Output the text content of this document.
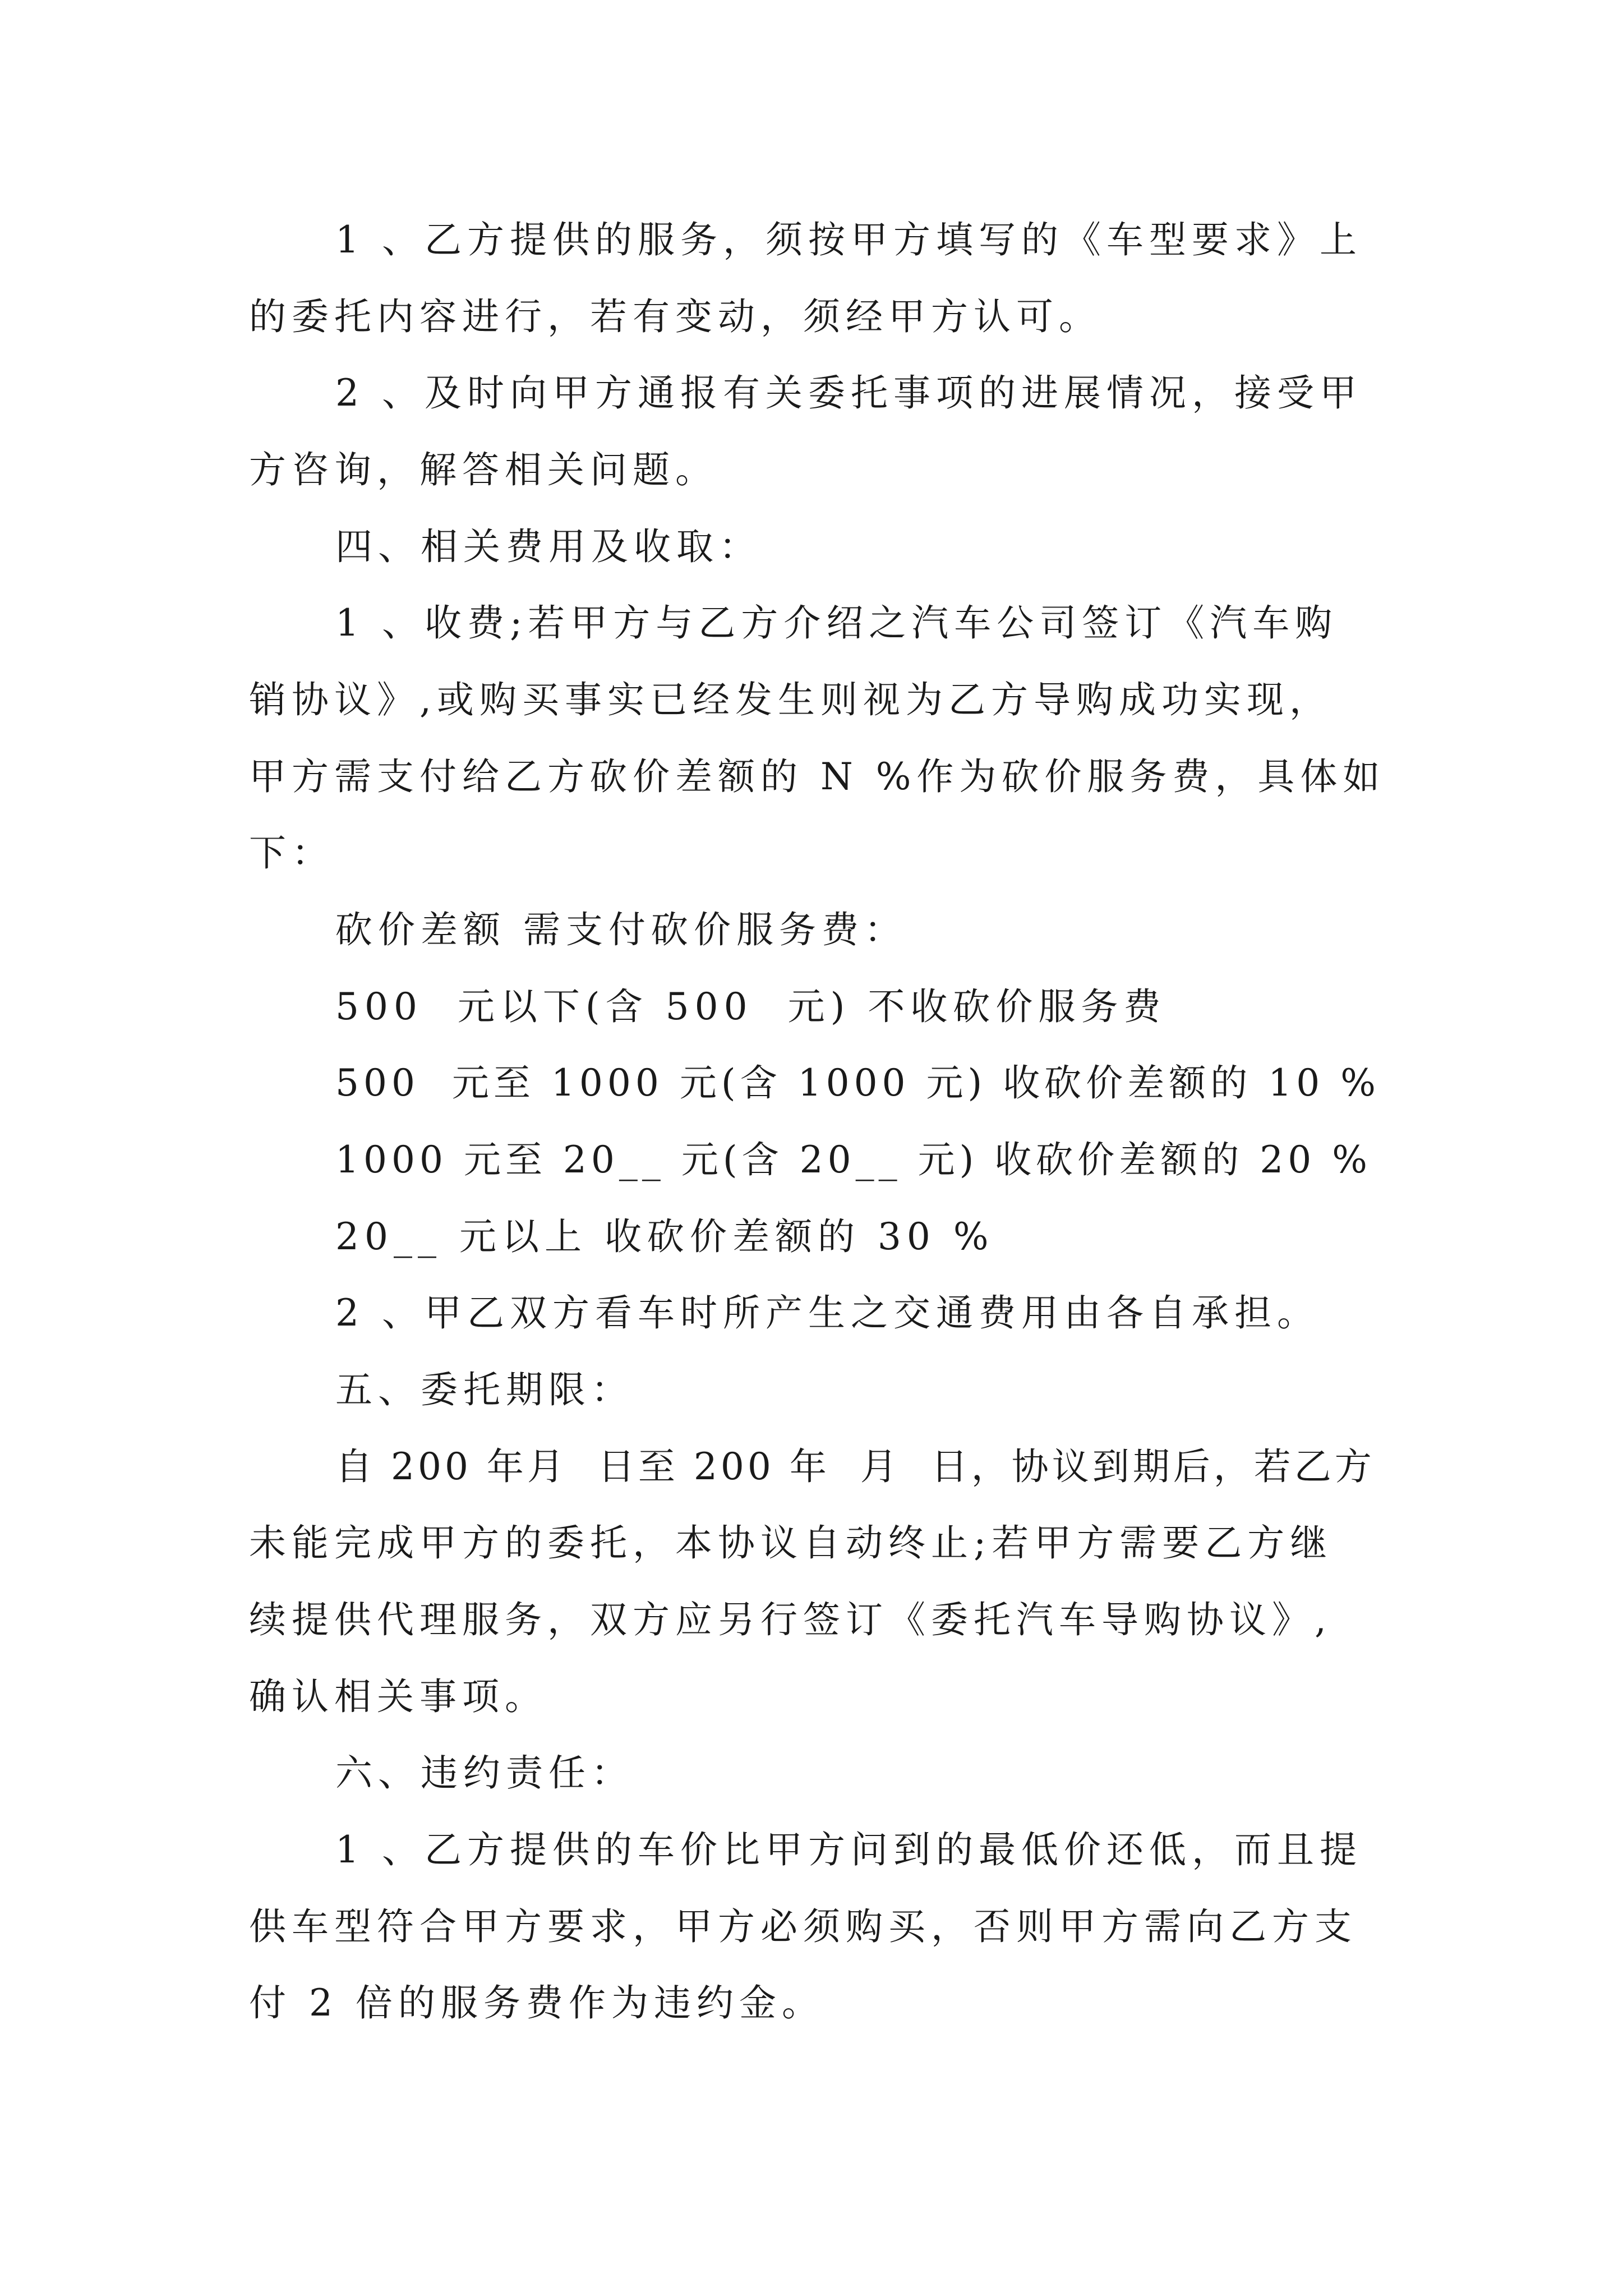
1 、乙方提供的服务，须按甲方填写的《车型要求》上
的委托内容进行，若有变动，须经甲方认可。
2 、及时向甲方通报有关委托事项的进展情况，接受甲
方咨询，解答相关问题。
四、相关费用及收取：
1 、收费;若甲方与乙方介绍之汽车公司签订《汽车购
销协议》,或购买事实已经发生则视为乙方导购成功实现，
甲方需支付给乙方砍价差额的 N %作为砍价服务费，具体如
下：
砍价差额 需支付砍价服务费：
500  元以下(含 500  元) 不收砍价服务费
500  元至 1000 元(含 1000 元) 收砍价差额的 10 %
1000 元至 20__ 元(含 20__ 元) 收砍价差额的 20 %
20__ 元以上 收砍价差额的 30 %
2 、甲乙双方看车时所产生之交通费用由各自承担。
五、委托期限：
自 200 年月  日至 200 年  月  日，协议到期后，若乙方
未能完成甲方的委托，本协议自动终止;若甲方需要乙方继
续提供代理服务，双方应另行签订《委托汽车导购协议》,
确认相关事项。
六、违约责任：
1 、乙方提供的车价比甲方问到的最低价还低，而且提
供车型符合甲方要求，甲方必须购买，否则甲方需向乙方支
付 2 倍的服务费作为违约金。
